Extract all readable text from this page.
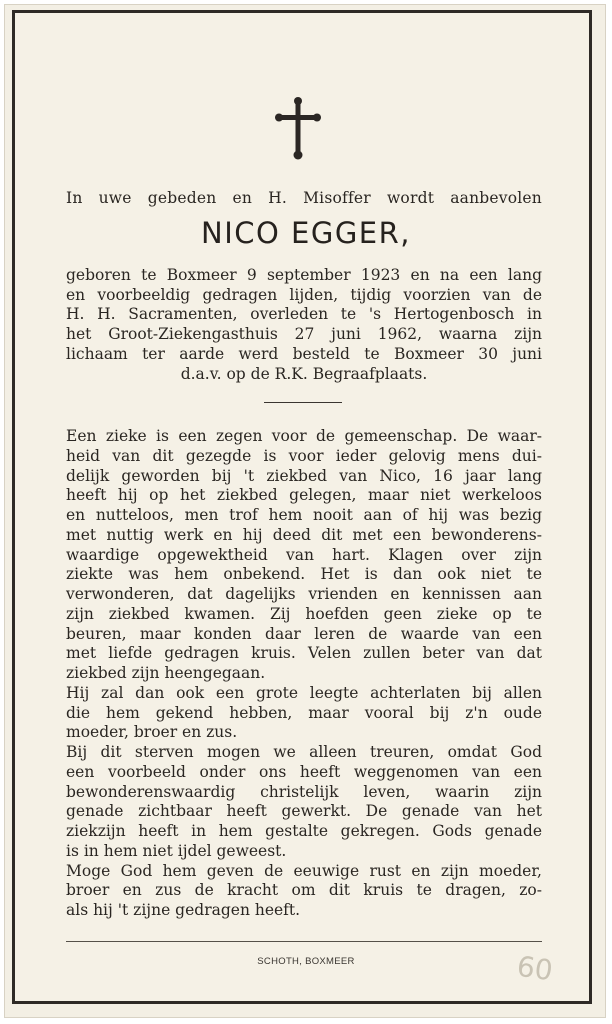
In uwe gebeden en H. Misoffer wordt aanbevolen
NICO EGGER,
geboren te Boxmeer 9 september 1923 en na een lang
en voorbeeldig gedragen lijden, tijdig voorzien van de
H. H. Sacramenten, overleden te 's Hertogenbosch in
het Groot-Ziekengasthuis 27 juni 1962, waarna zijn
lichaam ter aarde werd besteld te Boxmeer 30 juni
d.a.v. op de R.K. Begraafplaats.
Een zieke is een zegen voor de gemeenschap. De waar-
heid van dit gezegde is voor ieder gelovig mens dui-
delijk geworden bij 't ziekbed van Nico, 16 jaar lang
heeft hij op het ziekbed gelegen, maar niet werkeloos
en nutteloos, men trof hem nooit aan of hij was bezig
met nuttig werk en hij deed dit met een bewonderens-
waardige opgewektheid van hart. Klagen over zijn
ziekte was hem onbekend. Het is dan ook niet te
verwonderen, dat dagelijks vrienden en kennissen aan
zijn ziekbed kwamen. Zij hoefden geen zieke op te
beuren, maar konden daar leren de waarde van een
met liefde gedragen kruis. Velen zullen beter van dat
ziekbed zijn heengegaan.
Hij zal dan ook een grote leegte achterlaten bij allen
die hem gekend hebben, maar vooral bij z'n oude
moeder, broer en zus.
Bij dit sterven mogen we alleen treuren, omdat God
een voorbeeld onder ons heeft weggenomen van een
bewonderenswaardig christelijk leven, waarin zijn
genade zichtbaar heeft gewerkt. De genade van het
ziekzijn heeft in hem gestalte gekregen. Gods genade
is in hem niet ijdel geweest.
Moge God hem geven de eeuwige rust en zijn moeder,
broer en zus de kracht om dit kruis te dragen, zo-
als hij 't zijne gedragen heeft.
SCHOTH, BOXMEER	60
